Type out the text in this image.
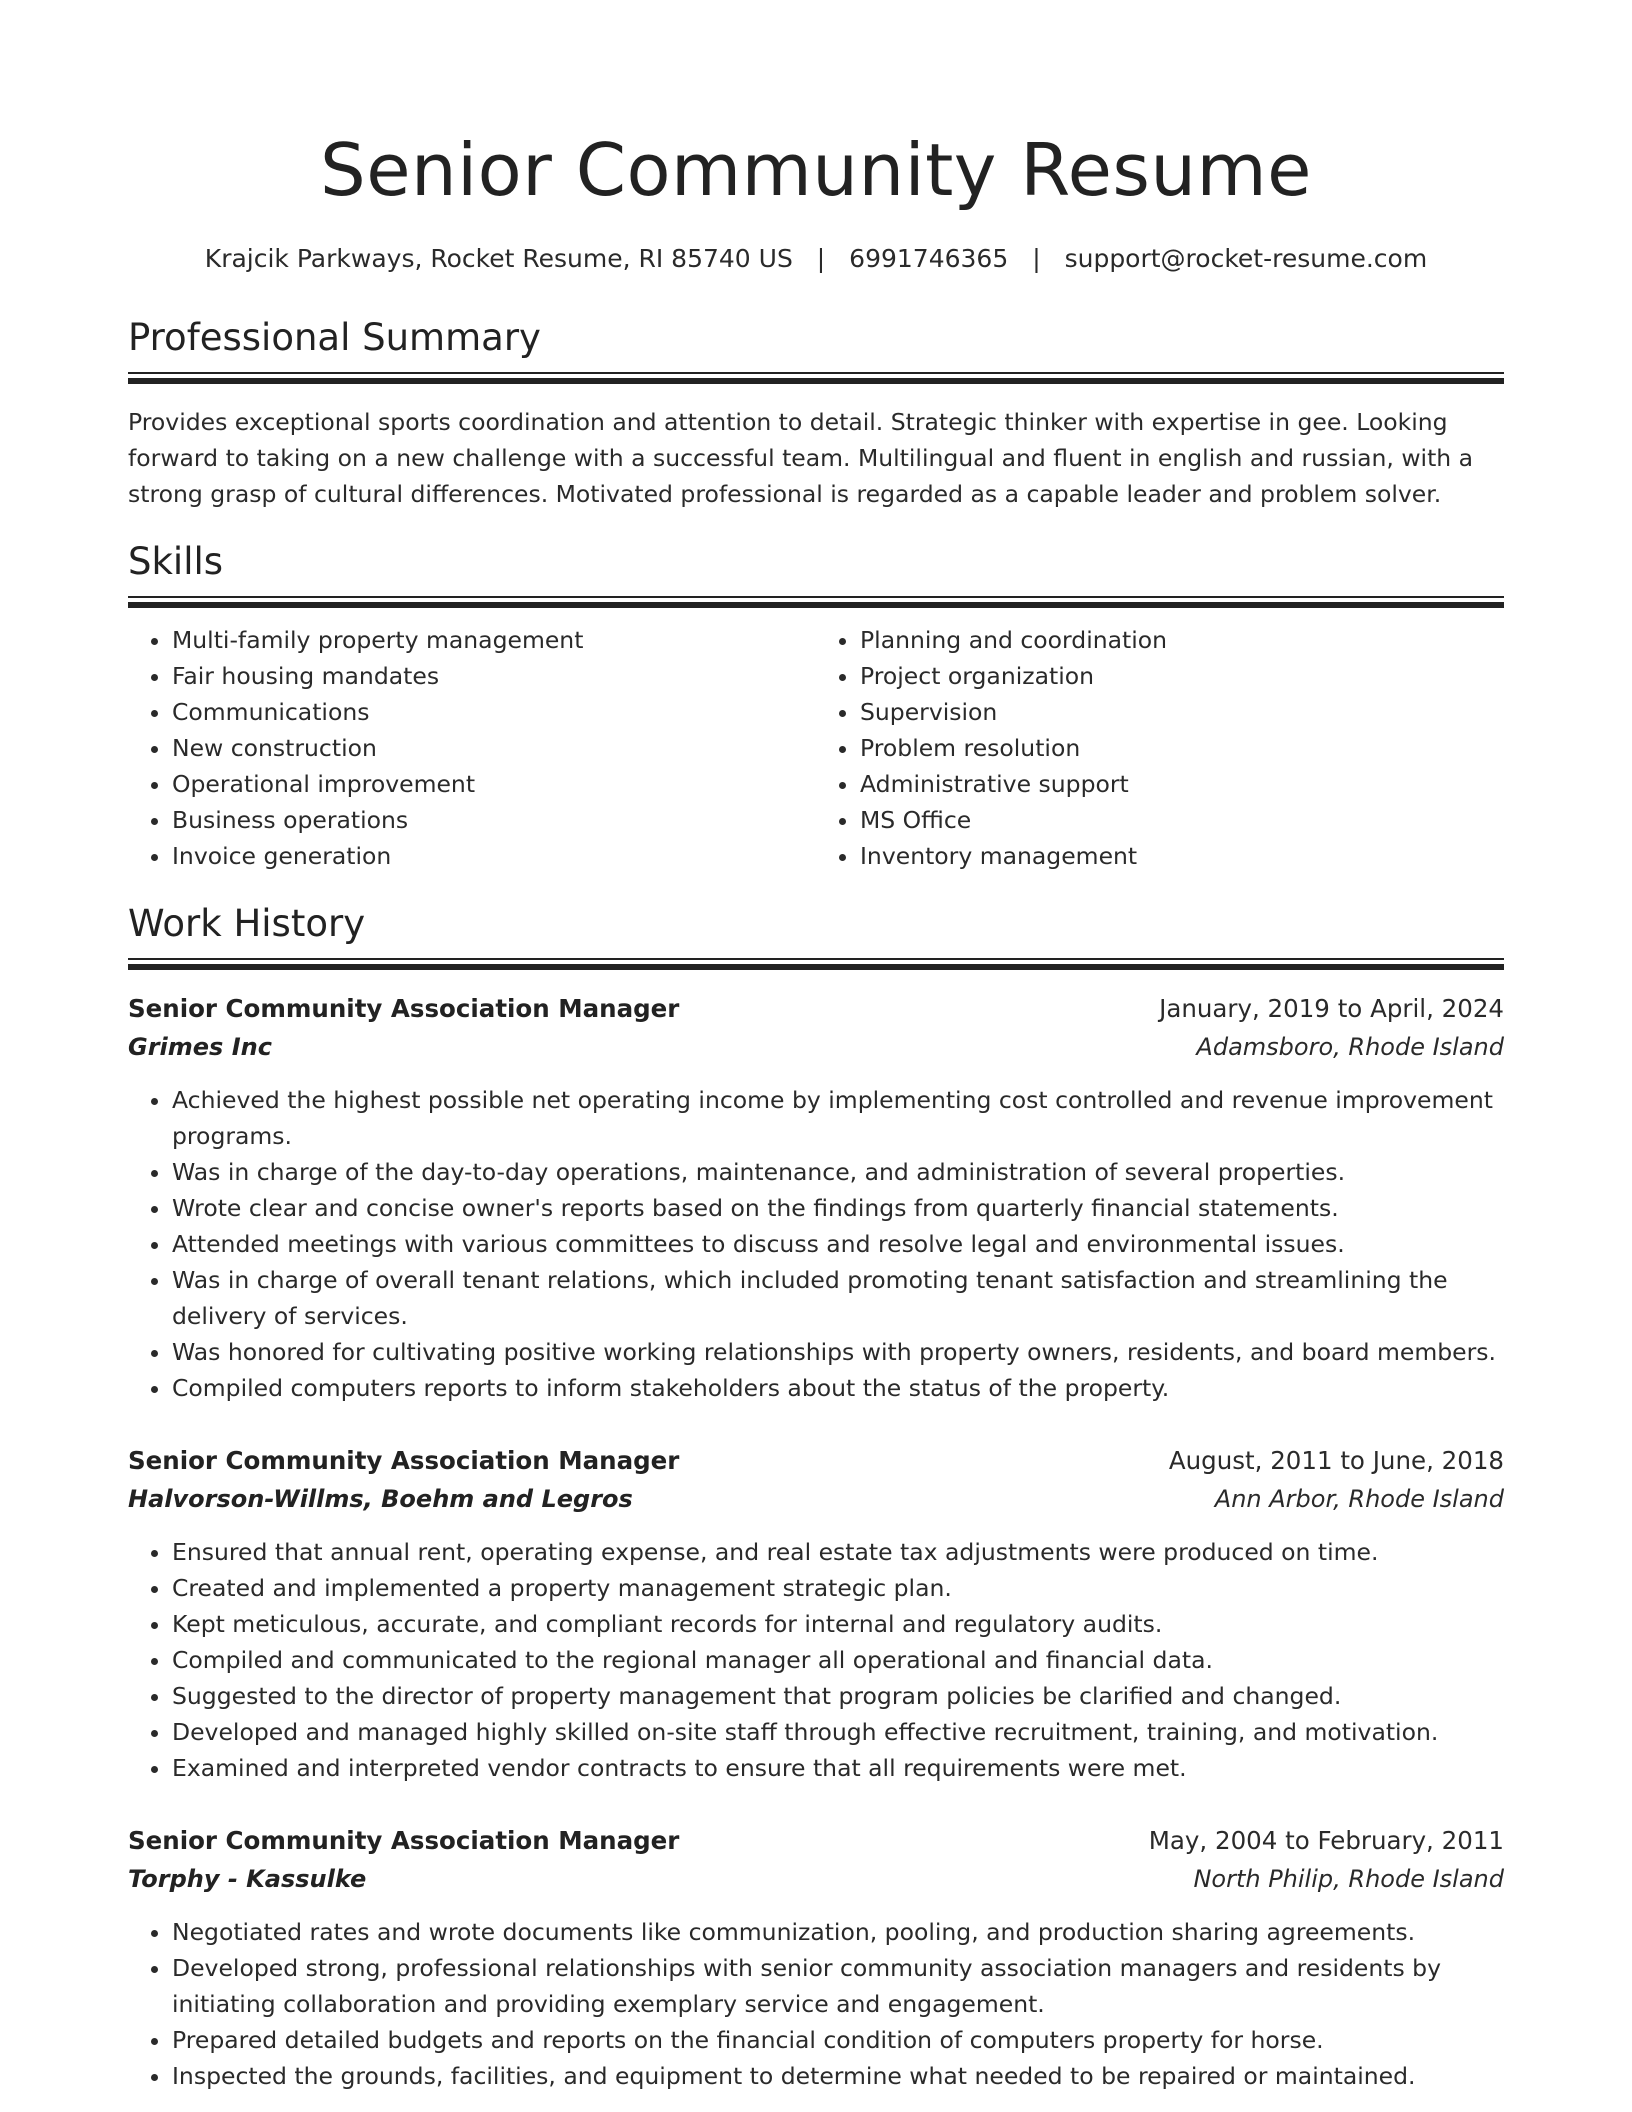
Senior Community Resume
Krajcik Parkways, Rocket Resume, RI 85740 US | 6991746365 | support@rocket-resume.com
Professional Summary

Provides exceptional sports coordination and attention to detail. Strategic thinker with expertise in gee. Looking forward to taking on a new challenge with a successful team. Multilingual and fluent in english and russian, with a strong grasp of cultural differences. Motivated professional is regarded as a capable leader and problem solver.

Skills
• Multi-family property management
• Fair housing mandates
• Communications
• New construction
• Operational improvement
• Business operations
• Invoice generation
• Planning and coordination
• Project organization
• Supervision
• Problem resolution
• Administrative support
• MS Office
• Inventory management
Work History
Senior Community Association Manager	January, 2019 to April, 2024
Grimes Inc	Adamsboro, Rhode Island
• Achieved the highest possible net operating income by implementing cost controlled and revenue improvement programs.
• Was in charge of the day-to-day operations, maintenance, and administration of several properties.
• Wrote clear and concise owner's reports based on the findings from quarterly financial statements.
• Attended meetings with various committees to discuss and resolve legal and environmental issues.
• Was in charge of overall tenant relations, which included promoting tenant satisfaction and streamlining the delivery of services.
• Was honored for cultivating positive working relationships with property owners, residents, and board members.
• Compiled computers reports to inform stakeholders about the status of the property.
Senior Community Association Manager	August, 2011 to June, 2018
Halvorson-Willms, Boehm and Legros	Ann Arbor, Rhode Island
• Ensured that annual rent, operating expense, and real estate tax adjustments were produced on time.
• Created and implemented a property management strategic plan.
• Kept meticulous, accurate, and compliant records for internal and regulatory audits.
• Compiled and communicated to the regional manager all operational and financial data.
• Suggested to the director of property management that program policies be clarified and changed.
• Developed and managed highly skilled on-site staff through effective recruitment, training, and motivation.
• Examined and interpreted vendor contracts to ensure that all requirements were met.
Senior Community Association Manager	May, 2004 to February, 2011
Torphy - Kassulke	North Philip, Rhode Island
• Negotiated rates and wrote documents like communization, pooling, and production sharing agreements.
• Developed strong, professional relationships with senior community association managers and residents by initiating collaboration and providing exemplary service and engagement.
• Prepared detailed budgets and reports on the financial condition of computers property for horse.
• Inspected the grounds, facilities, and equipment to determine what needed to be repaired or maintained.
